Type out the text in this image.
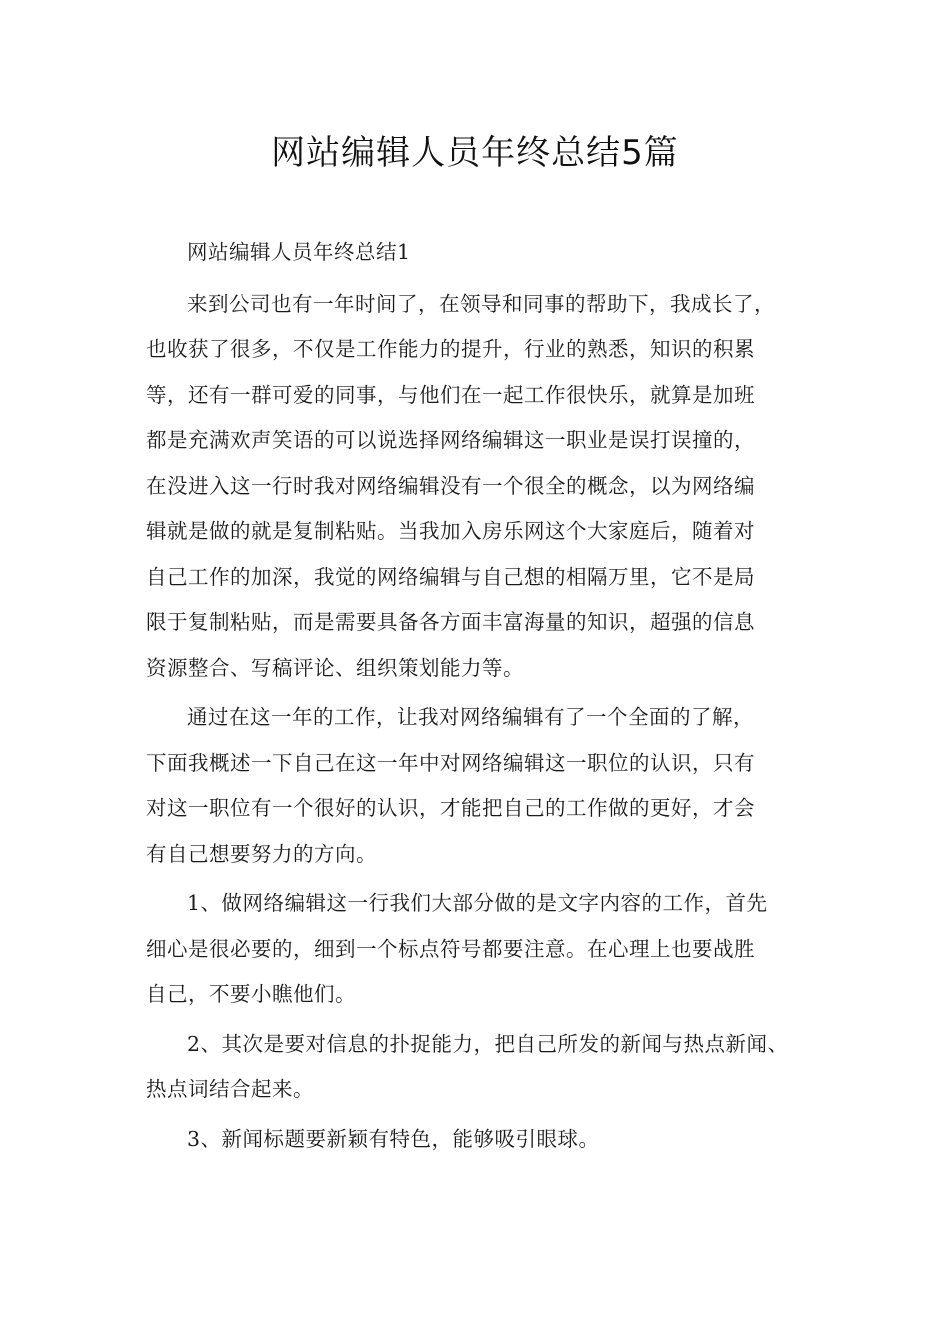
网站编辑人员年终总结5篇

网站编辑人员年终总结1

来到公司也有一年时间了，在领导和同事的帮助下，我成长了，
也收获了很多，不仅是工作能力的提升，行业的熟悉，知识的积累
等，还有一群可爱的同事，与他们在一起工作很快乐，就算是加班
都是充满欢声笑语的可以说选择网络编辑这一职业是误打误撞的，
在没进入这一行时我对网络编辑没有一个很全的概念，以为网络编
辑就是做的就是复制粘贴。当我加入房乐网这个大家庭后，随着对
自己工作的加深，我觉的网络编辑与自己想的相隔万里，它不是局
限于复制粘贴，而是需要具备各方面丰富海量的知识，超强的信息
资源整合、写稿评论、组织策划能力等。

通过在这一年的工作，让我对网络编辑有了一个全面的了解，
下面我概述一下自己在这一年中对网络编辑这一职位的认识，只有
对这一职位有一个很好的认识，才能把自己的工作做的更好，才会
有自己想要努力的方向。

1、做网络编辑这一行我们大部分做的是文字内容的工作，首先
细心是很必要的，细到一个标点符号都要注意。在心理上也要战胜
自己，不要小瞧他们。

2、其次是要对信息的扑捉能力，把自己所发的新闻与热点新闻、
热点词结合起来。

3、新闻标题要新颖有特色，能够吸引眼球。
